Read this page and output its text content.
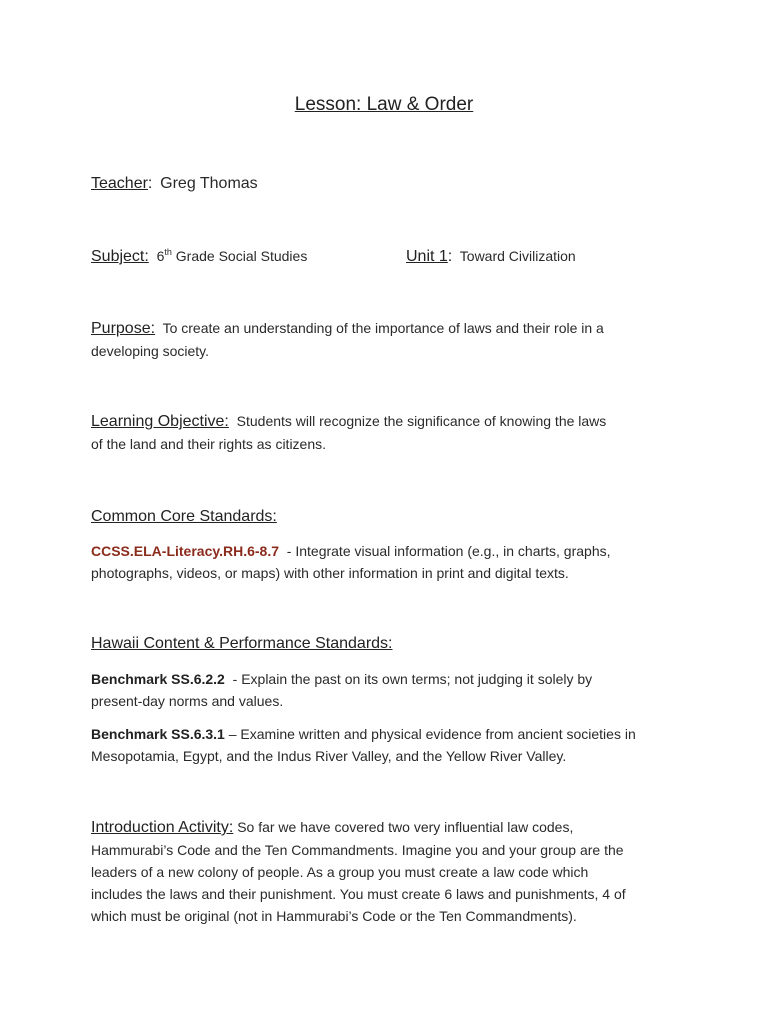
Lesson: Law & Order
Teacher: Greg Thomas
Subject: 6th Grade Social Studies	Unit 1: Toward Civilization
Purpose: To create an understanding of the importance of laws and their role in a
developing society.
Learning Objective: Students will recognize the significance of knowing the laws
of the land and their rights as citizens.
Common Core Standards:
CCSS.ELA-Literacy.RH.6-8.7 - Integrate visual information (e.g., in charts, graphs,
photographs, videos, or maps) with other information in print and digital texts.
Hawaii Content & Performance Standards:
Benchmark SS.6.2.2 - Explain the past on its own terms; not judging it solely by
present-day norms and values.
Benchmark SS.6.3.1 – Examine written and physical evidence from ancient societies in
Mesopotamia, Egypt, and the Indus River Valley, and the Yellow River Valley.
Introduction Activity: So far we have covered two very influential law codes,
Hammurabi’s Code and the Ten Commandments. Imagine you and your group are the
leaders of a new colony of people. As a group you must create a law code which
includes the laws and their punishment. You must create 6 laws and punishments, 4 of
which must be original (not in Hammurabi’s Code or the Ten Commandments).
